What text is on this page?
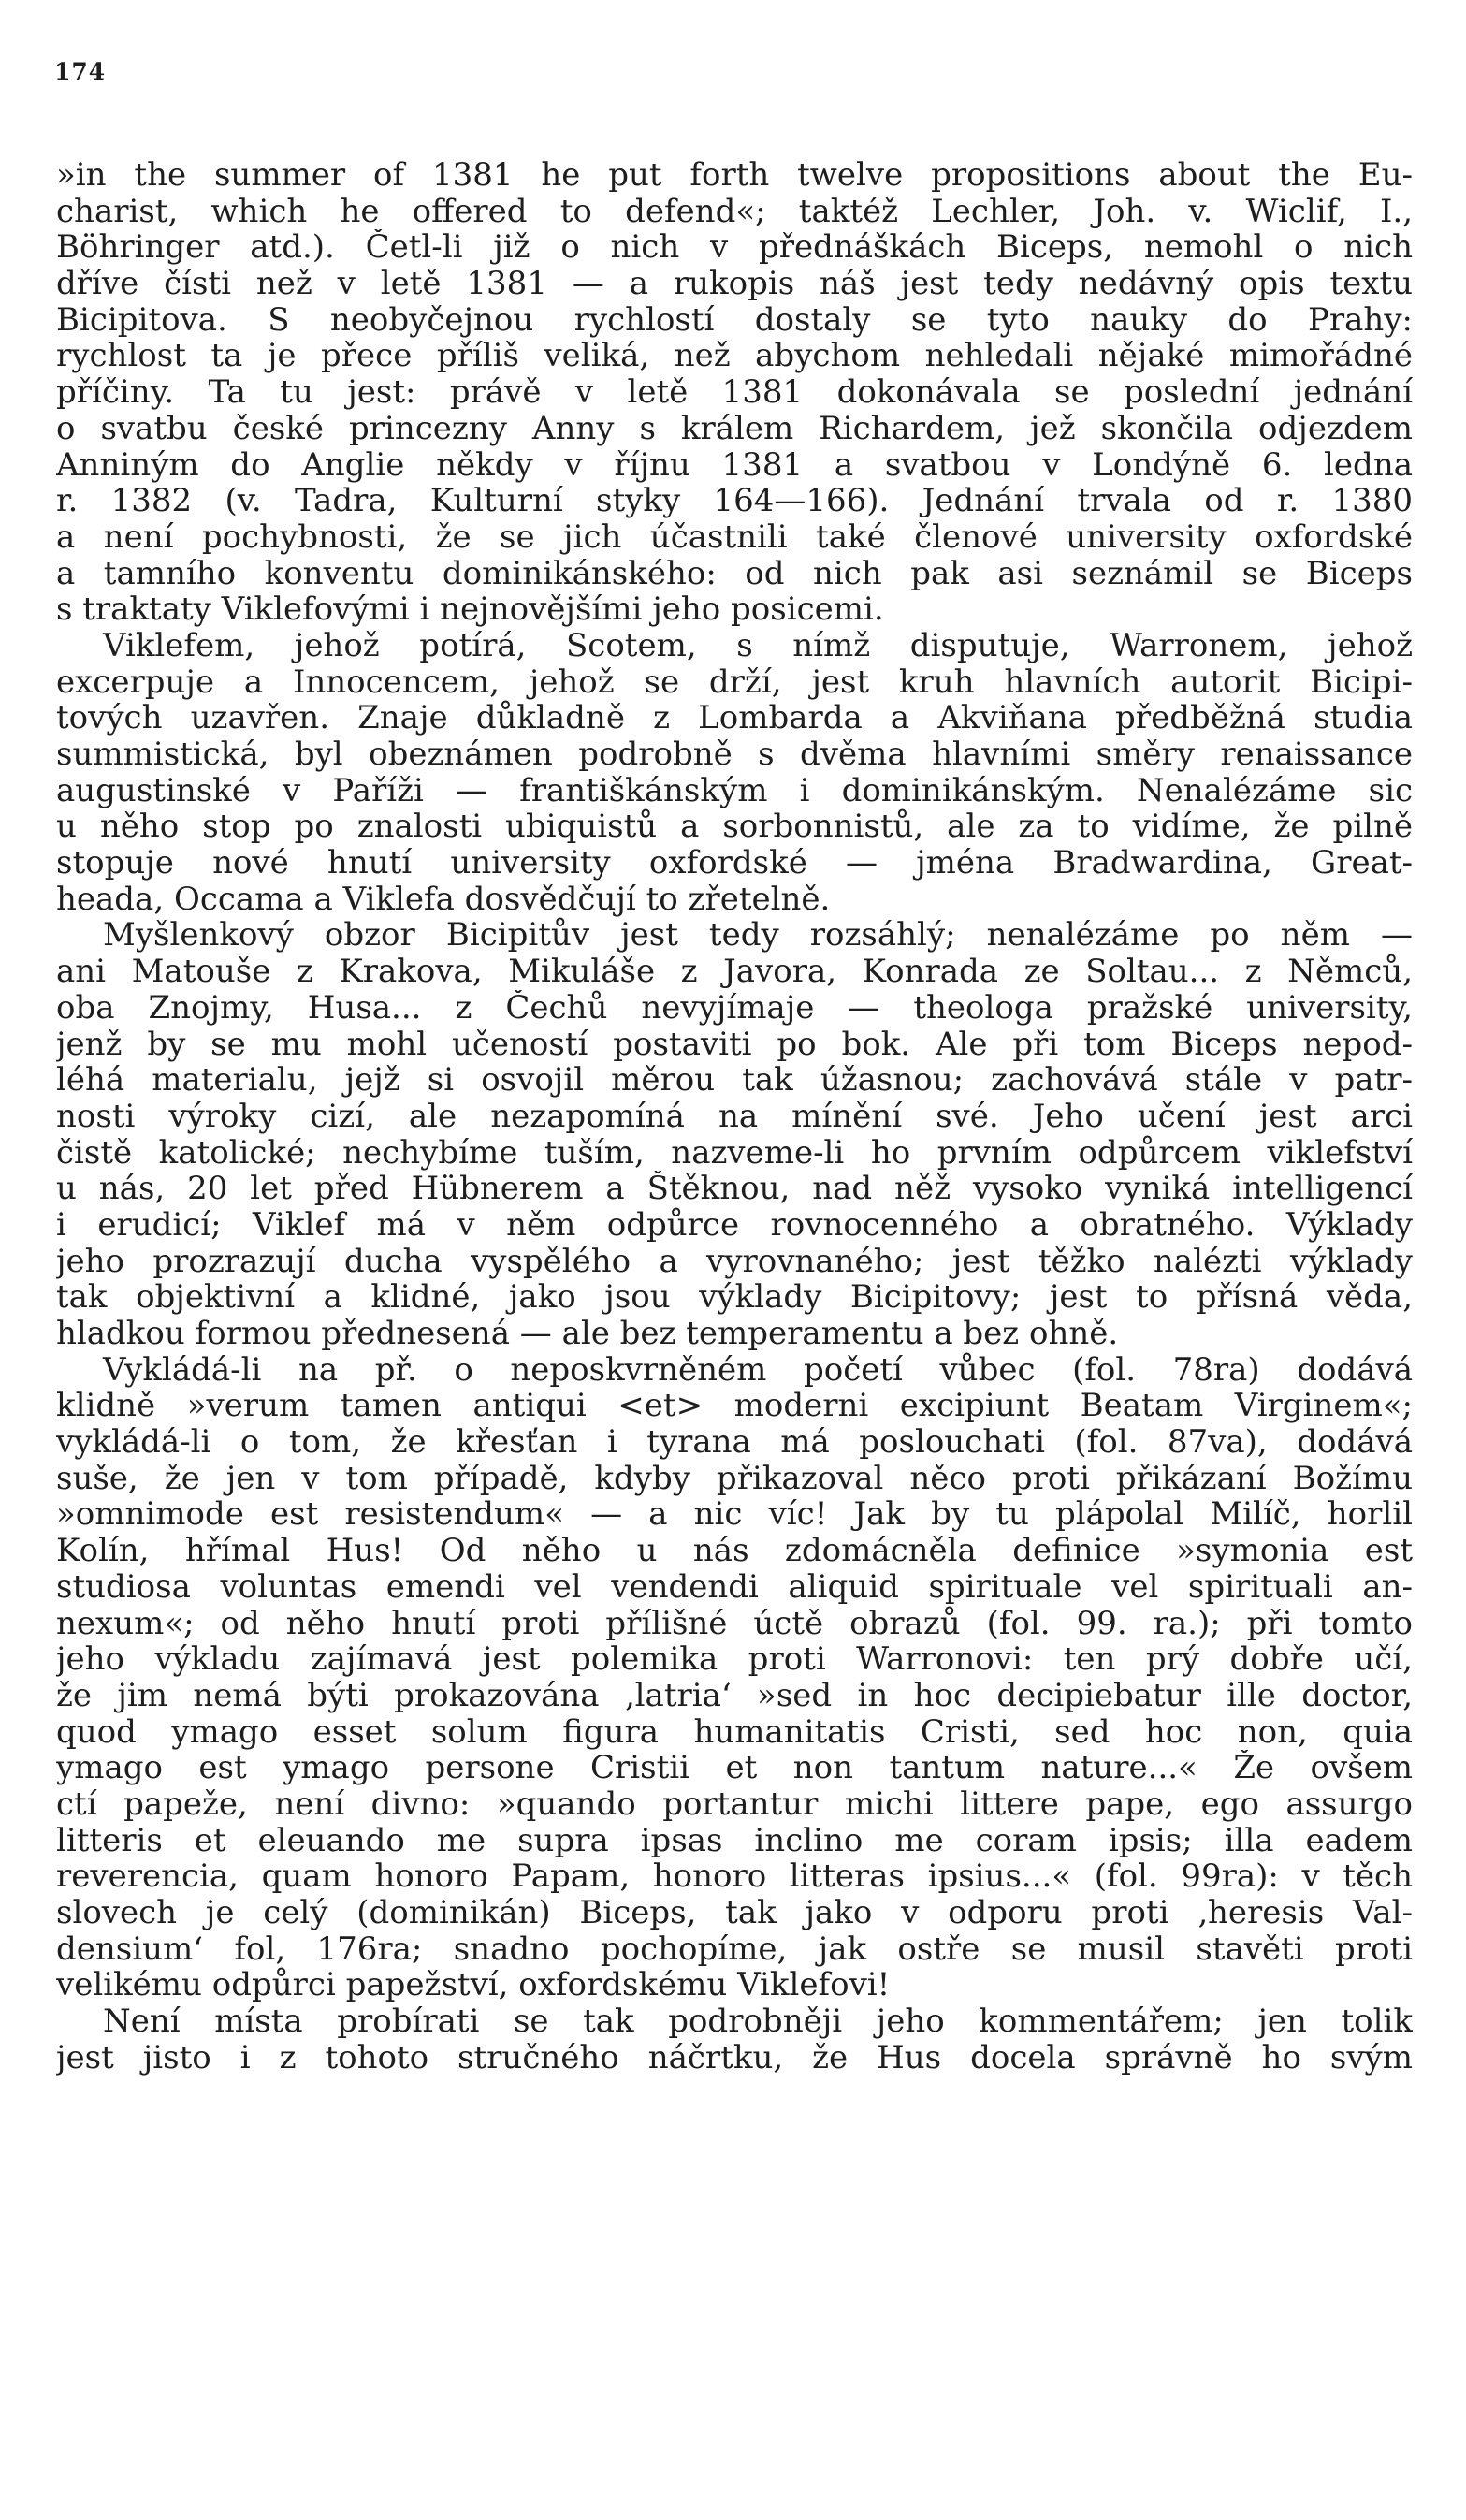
174
»in the summer of 1381 he put forth twelve propositions about the Eu-
charist, which he offered to defend«; taktéž Lechler, Joh. v. Wiclif, I.,
Böhringer atd.). Četl-li již o nich v přednáškách Biceps, nemohl o nich
dříve čísti než v letě 1381 — a rukopis náš jest tedy nedávný opis textu
Bicipitova. S neobyčejnou rychlostí dostaly se tyto nauky do Prahy:
rychlost ta je přece příliš veliká, než abychom nehledali nějaké mimořádné
příčiny. Ta tu jest: právě v letě 1381 dokonávala se poslední jednání
o svatbu české princezny Anny s králem Richardem, jež skončila odjezdem
Anniným do Anglie někdy v říjnu 1381 a svatbou v Londýně 6. ledna
r. 1382 (v. Tadra, Kulturní styky 164—166). Jednání trvala od r. 1380
a není pochybnosti, že se jich účastnili také členové university oxfordské
a tamního konventu dominikánského: od nich pak asi seznámil se Biceps
s traktaty Viklefovými i nejnovějšími jeho posicemi.
Viklefem, jehož potírá, Scotem, s nímž disputuje, Warronem, jehož
excerpuje a Innocencem, jehož se drží, jest kruh hlavních autorit Bicipi-
tových uzavřen. Znaje důkladně z Lombarda a Akviňana předběžná studia
summistická, byl obeznámen podrobně s dvěma hlavními směry renaissance
augustinské v Paříži — františkánským i dominikánským. Nenalézáme sic
u něho stop po znalosti ubiquistů a sorbonnistů, ale za to vidíme, že pilně
stopuje nové hnutí university oxfordské — jména Bradwardina, Great-
heada, Occama a Viklefa dosvědčují to zřetelně.
Myšlenkový obzor Bicipitův jest tedy rozsáhlý; nenalézáme po něm —
ani Matouše z Krakova, Mikuláše z Javora, Konrada ze Soltau... z Němců,
oba Znojmy, Husa... z Čechů nevyjímaje — theologa pražské university,
jenž by se mu mohl učeností postaviti po bok. Ale při tom Biceps nepod-
léhá materialu, jejž si osvojil měrou tak úžasnou; zachovává stále v patr-
nosti výroky cizí, ale nezapomíná na mínění své. Jeho učení jest arci
čistě katolické; nechybíme tuším, nazveme-li ho prvním odpůrcem viklefství
u nás, 20 let před Hübnerem a Štěknou, nad něž vysoko vyniká intelligencí
i erudicí; Viklef má v něm odpůrce rovnocenného a obratného. Výklady
jeho prozrazují ducha vyspělého a vyrovnaného; jest těžko nalézti výklady
tak objektivní a klidné, jako jsou výklady Bicipitovy; jest to přísná věda,
hladkou formou přednesená — ale bez temperamentu a bez ohně.
Vykládá-li na př. o neposkvrněném početí vůbec (fol. 78ra) dodává
klidně »verum tamen antiqui <et> moderni excipiunt Beatam Virginem«;
vykládá-li o tom, že křesťan i tyrana má poslouchati (fol. 87va), dodává
suše, že jen v tom případě, kdyby přikazoval něco proti přikázaní Božímu
»omnimode est resistendum« — a nic víc! Jak by tu plápolal Milíč, horlil
Kolín, hřímal Hus! Od něho u nás zdomácněla definice »symonia est
studiosa voluntas emendi vel vendendi aliquid spirituale vel spirituali an-
nexum«; od něho hnutí proti přílišné úctě obrazů (fol. 99. ra.); při tomto
jeho výkladu zajímavá jest polemika proti Warronovi: ten prý dobře učí,
že jim nemá býti prokazována ‚latria‘ »sed in hoc decipiebatur ille doctor,
quod ymago esset solum figura humanitatis Cristi, sed hoc non, quia
ymago est ymago persone Cristii et non tantum nature...« Že ovšem
ctí papeže, není divno: »quando portantur michi littere pape, ego assurgo
litteris et eleuando me supra ipsas inclino me coram ipsis; illa eadem
reverencia, quam honoro Papam, honoro litteras ipsius...« (fol. 99ra): v těch
slovech je celý (dominikán) Biceps, tak jako v odporu proti ‚heresis Val-
densium‘ fol, 176ra; snadno pochopíme, jak ostře se musil stavěti proti
velikému odpůrci papežství, oxfordskému Viklefovi!
Není místa probírati se tak podrobněji jeho kommentářem; jen tolik
jest jisto i z tohoto stručného náčrtku, že Hus docela správně ho svým
